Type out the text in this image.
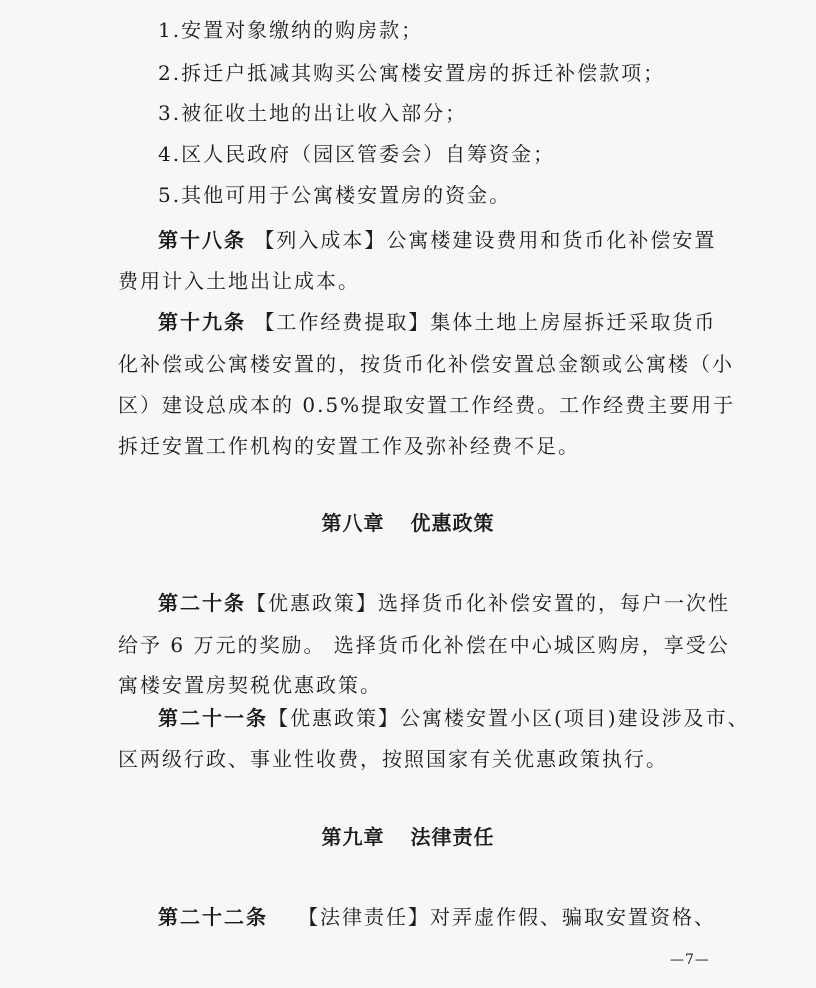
1.安置对象缴纳的购房款；
2.拆迁户抵减其购买公寓楼安置房的拆迁补偿款项；
3.被征收土地的出让收入部分；
4.区人民政府（园区管委会）自筹资金；
5.其他可用于公寓楼安置房的资金。
第十八条 【列入成本】公寓楼建设费用和货币化补偿安置
费用计入土地出让成本。
第十九条 【工作经费提取】集体土地上房屋拆迁采取货币
化补偿或公寓楼安置的，按货币化补偿安置总金额或公寓楼（小
区）建设总成本的 0.5%提取安置工作经费。工作经费主要用于
拆迁安置工作机构的安置工作及弥补经费不足。
第八章 优惠政策
第二十条【优惠政策】选择货币化补偿安置的，每户一次性
给予 6 万元的奖励。 选择货币化补偿在中心城区购房，享受公
寓楼安置房契税优惠政策。
第二十一条【优惠政策】公寓楼安置小区(项目)建设涉及市、
区两级行政、事业性收费，按照国家有关优惠政策执行。
第九章 法律责任
第二十二条 【法律责任】对弄虚作假、骗取安置资格、
—7—
